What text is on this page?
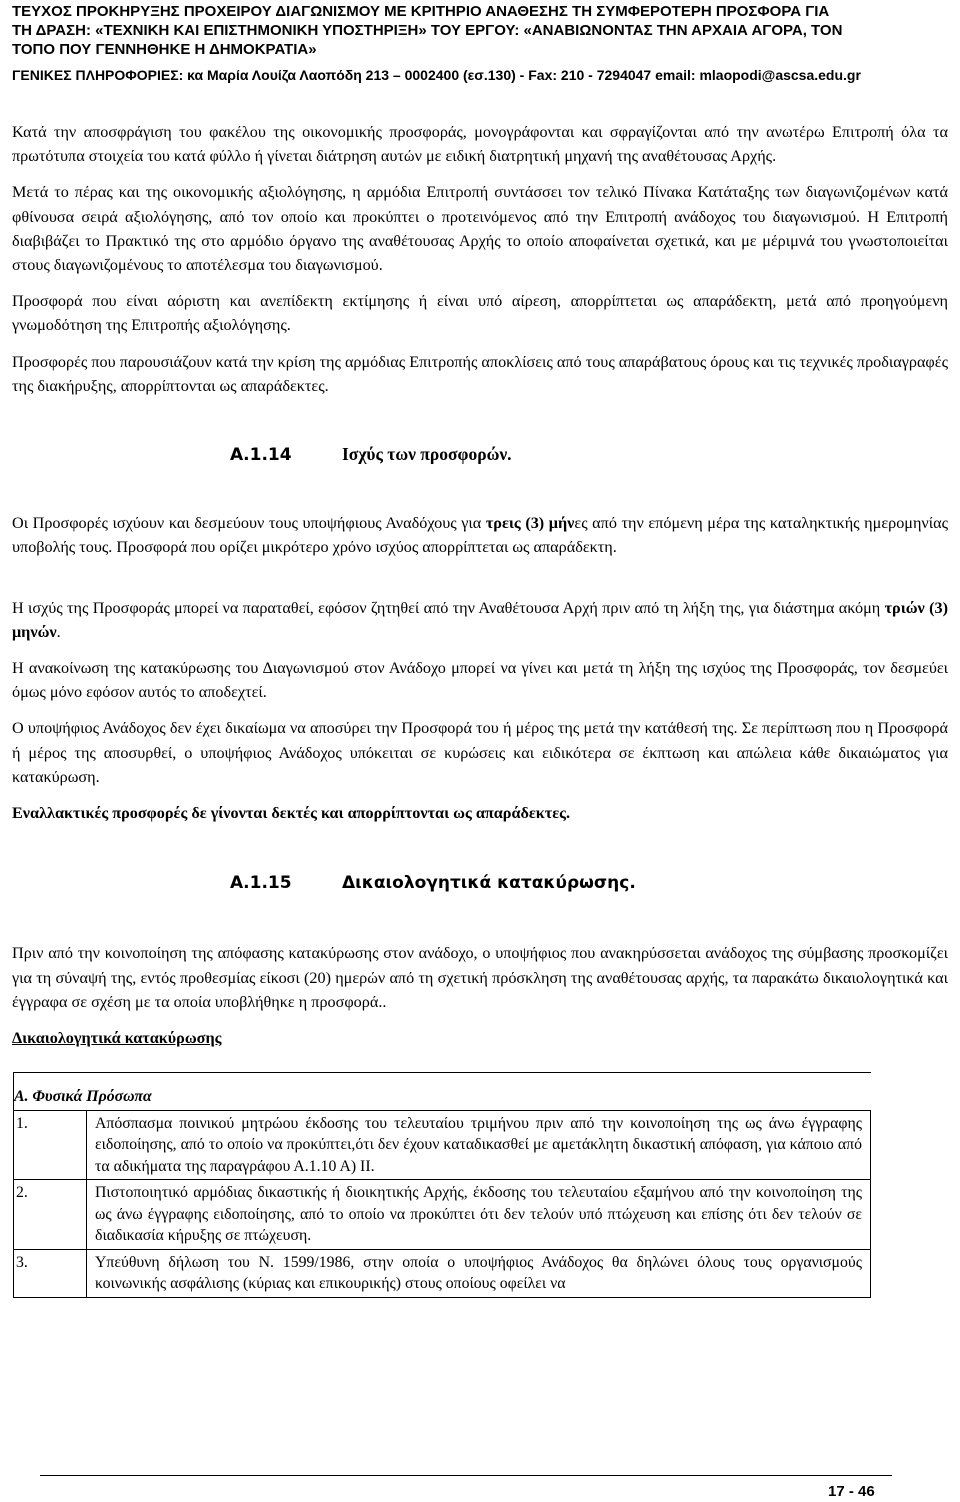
ΤΕΥΧΟΣ ΠΡΟΚΗΡΥΞΗΣ ΠΡΟΧΕΙΡΟΥ ΔΙΑΓΩΝΙΣΜΟΥ ΜΕ ΚΡΙΤΗΡΙΟ ΑΝΑΘΕΣΗΣ ΤΗ ΣΥΜΦΕΡΟΤΕΡΗ ΠΡΟΣΦΟΡΑ ΓΙΑ
ΤΗ ΔΡΑΣΗ: «ΤΕΧΝΙΚΗ ΚΑΙ ΕΠΙΣΤΗΜΟΝΙΚΗ ΥΠΟΣΤΗΡΙΞΗ» ΤΟΥ ΕΡΓΟΥ: «ΑΝΑΒΙΩΝΟΝΤΑΣ ΤΗΝ ΑΡΧΑΙΑ ΑΓΟΡΑ, ΤΟΝ
ΤΟΠΟ ΠΟΥ ΓΕΝΝΗΘΗΚΕ Η ΔΗΜΟΚΡΑΤΙΑ»
ΓΕΝΙΚΕΣ ΠΛΗΡΟΦΟΡΙΕΣ: κα Μαρία Λουίζα Λαοπόδη 213 – 0002400 (εσ.130) - Fax: 210 - 7294047 email: mlaopodi@ascsa.edu.gr

Κατά την αποσφράγιση του φακέλου της οικονομικής προσφοράς, μονογράφονται και σφραγίζονται από την ανωτέρω Επιτροπή όλα τα πρωτότυπα στοιχεία του κατά φύλλο ή γίνεται διάτρηση αυτών με ειδική διατρητική μηχανή της αναθέτουσας Αρχής.

Μετά το πέρας και της οικονομικής αξιολόγησης, η αρμόδια Επιτροπή συντάσσει τον τελικό Πίνακα Κατάταξης των διαγωνιζομένων κατά φθίνουσα σειρά αξιολόγησης, από τον οποίο και προκύπτει ο προτεινόμενος από την Επιτροπή ανάδοχος του διαγωνισμού. Η Επιτροπή διαβιβάζει το Πρακτικό της στο αρμόδιο όργανο της αναθέτουσας Αρχής το οποίο αποφαίνεται σχετικά, και με μέριμνά του γνωστοποιείται στους διαγωνιζομένους το αποτέλεσμα του διαγωνισμού.

Προσφορά που είναι αόριστη και ανεπίδεκτη εκτίμησης ή είναι υπό αίρεση, απορρίπτεται ως απαράδεκτη, μετά από προηγούμενη γνωμοδότηση της Επιτροπής αξιολόγησης.

Προσφορές που παρουσιάζουν κατά την κρίση της αρμόδιας Επιτροπής αποκλίσεις από τους απαράβατους όρους και τις τεχνικές προδιαγραφές της διακήρυξης, απορρίπτονται ως απαράδεκτες.

Α.1.14	Ισχύς των προσφορών.

Οι Προσφορές ισχύουν και δεσμεύουν τους υποψήφιους Αναδόχους για τρεις (3) μήνες από την επόμενη μέρα της καταληκτικής ημερομηνίας υποβολής τους. Προσφορά που ορίζει μικρότερο χρόνο ισχύος απορρίπτεται ως απαράδεκτη.

Η ισχύς της Προσφοράς μπορεί να παραταθεί, εφόσον ζητηθεί από την Αναθέτουσα Αρχή πριν από τη λήξη της, για διάστημα ακόμη τριών (3) μηνών.

Η ανακοίνωση της κατακύρωσης του Διαγωνισμού στον Ανάδοχο μπορεί να γίνει και μετά τη λήξη της ισχύος της Προσφοράς, τον δεσμεύει όμως μόνο εφόσον αυτός το αποδεχτεί.

Ο υποψήφιος Ανάδοχος δεν έχει δικαίωμα να αποσύρει την Προσφορά του ή μέρος της μετά την κατάθεσή της. Σε περίπτωση που η Προσφορά ή μέρος της αποσυρθεί, ο υποψήφιος Ανάδοχος υπόκειται σε κυρώσεις και ειδικότερα σε έκπτωση και απώλεια κάθε δικαιώματος για κατακύρωση.

Εναλλακτικές προσφορές δε γίνονται δεκτές και απορρίπτονται ως απαράδεκτες.

Α.1.15	Δικαιολογητικά κατακύρωσης.

Πριν από την κοινοποίηση της απόφασης κατακύρωσης στον ανάδοχο, ο υποψήφιος που ανακηρύσσεται ανάδοχος της σύμβασης προσκομίζει για τη σύναψή της, εντός προθεσμίας είκοσι (20) ημερών από τη σχετική πρόσκληση της αναθέτουσας αρχής, τα παρακάτω δικαιολογητικά και έγγραφα σε σχέση με τα οποία υποβλήθηκε η προσφορά..

Δικαιολογητικά κατακύρωσης

Α. Φυσικά Πρόσωπα	
1.	Απόσπασμα ποινικού μητρώου έκδοσης του τελευταίου τριμήνου πριν από την κοινοποίηση της ως άνω έγγραφης ειδοποίησης, από το οποίο να προκύπτει,ότι δεν έχουν καταδικασθεί με αμετάκλητη δικαστική απόφαση, για κάποιο από τα αδικήματα της παραγράφου Α.1.10 Α) ΙΙ.
2.	Πιστοποιητικό αρμόδιας δικαστικής ή διοικητικής Αρχής, έκδοσης του τελευταίου εξαμήνου από την κοινοποίηση της ως άνω έγγραφης ειδοποίησης, από το οποίο να προκύπτει ότι δεν τελούν υπό πτώχευση και επίσης ότι δεν τελούν σε διαδικασία κήρυξης σε πτώχευση.
3.	Υπεύθυνη δήλωση του Ν. 1599/1986, στην οποία ο υποψήφιος Ανάδοχος θα δηλώνει όλους τους οργανισμούς κοινωνικής ασφάλισης (κύριας και επικουρικής) στους οποίους οφείλει να
17 - 46
